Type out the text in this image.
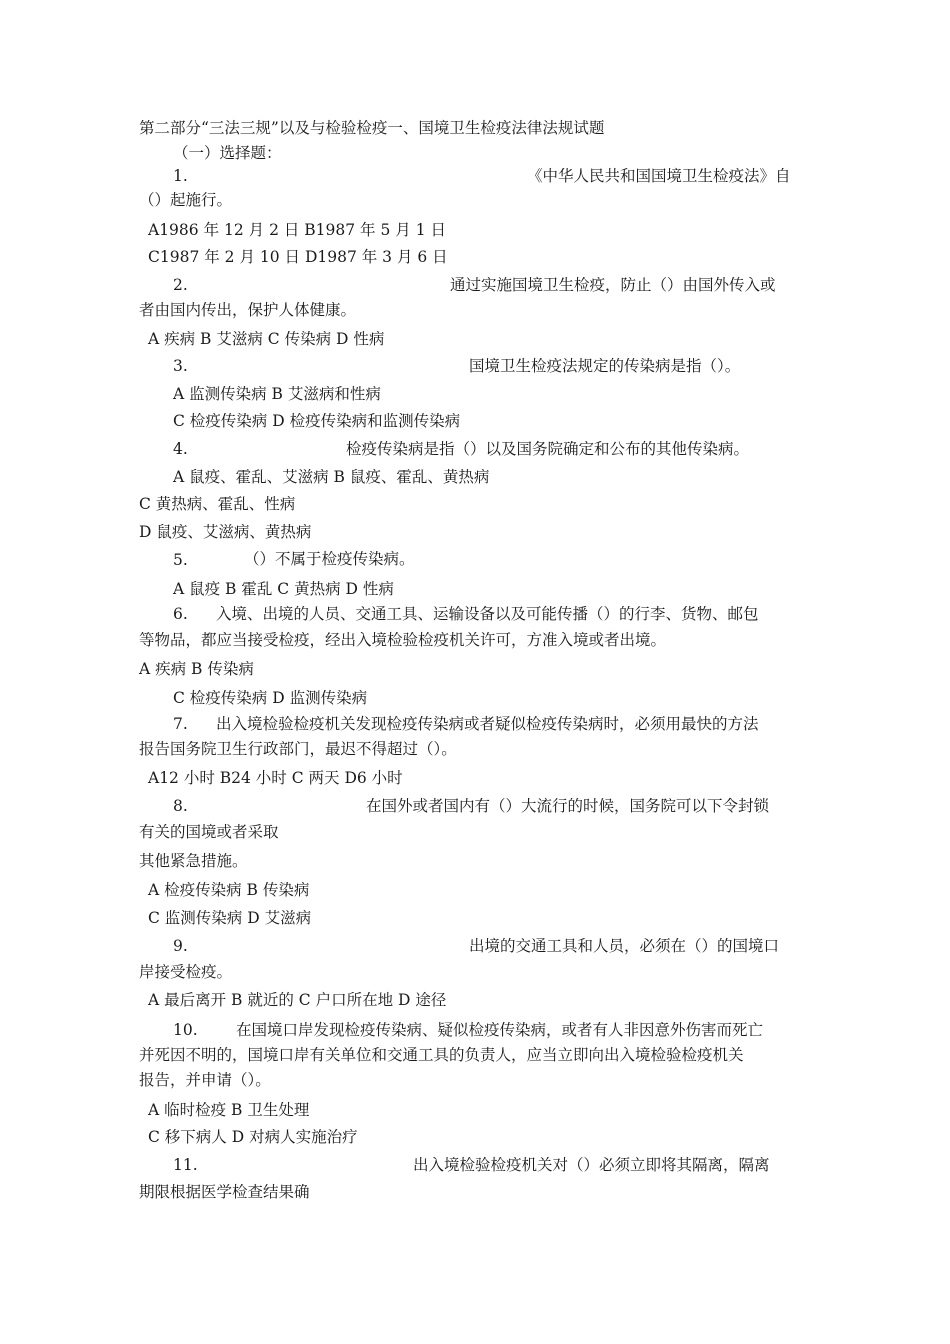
第二部分“三法三规”以及与检验检疫一、国境卫生检疫法律法规试题
（一）选择题：
1.	《中华人民共和国国境卫生检疫法》自
（）起施行。
A1986 年 12 月 2 日 B1987 年 5 月 1 日
C1987 年 2 月 10 日 D1987 年 3 月 6 日
2.	通过实施国境卫生检疫，防止（）由国外传入或
者由国内传出，保护人体健康。
A 疾病 B 艾滋病 C 传染病 D 性病
3.	国境卫生检疫法规定的传染病是指（）。
A 监测传染病 B 艾滋病和性病
C 检疫传染病 D 检疫传染病和监测传染病
4.	检疫传染病是指（）以及国务院确定和公布的其他传染病。
A 鼠疫、霍乱、艾滋病 B 鼠疫、霍乱、黄热病
C 黄热病、霍乱、性病
D 鼠疫、艾滋病、黄热病
5.	（）不属于检疫传染病。
A 鼠疫 B 霍乱 C 黄热病 D 性病
6. 入境、出境的人员、交通工具、运输设备以及可能传播（）的行李、货物、邮包
等物品，都应当接受检疫，经出入境检验检疫机关许可，方准入境或者出境。
A 疾病 B 传染病
C 检疫传染病 D 监测传染病
7. 出入境检验检疫机关发现检疫传染病或者疑似检疫传染病时，必须用最快的方法
报告国务院卫生行政部门，最迟不得超过（）。
A12 小时 B24 小时 C 两天 D6 小时
8.	在国外或者国内有（）大流行的时候，国务院可以下令封锁
有关的国境或者采取
其他紧急措施。
A 检疫传染病 B 传染病
C 监测传染病 D 艾滋病
9.	出境的交通工具和人员，必须在（）的国境口
岸接受检疫。
A 最后离开 B 就近的 C 户口所在地 D 途径
10. 在国境口岸发现检疫传染病、疑似检疫传染病，或者有人非因意外伤害而死亡
并死因不明的，国境口岸有关单位和交通工具的负责人，应当立即向出入境检验检疫机关
报告，并申请（）。
A 临时检疫 B 卫生处理
C 移下病人 D 对病人实施治疗
11.	出入境检验检疫机关对（）必须立即将其隔离，隔离
期限根据医学检查结果确
